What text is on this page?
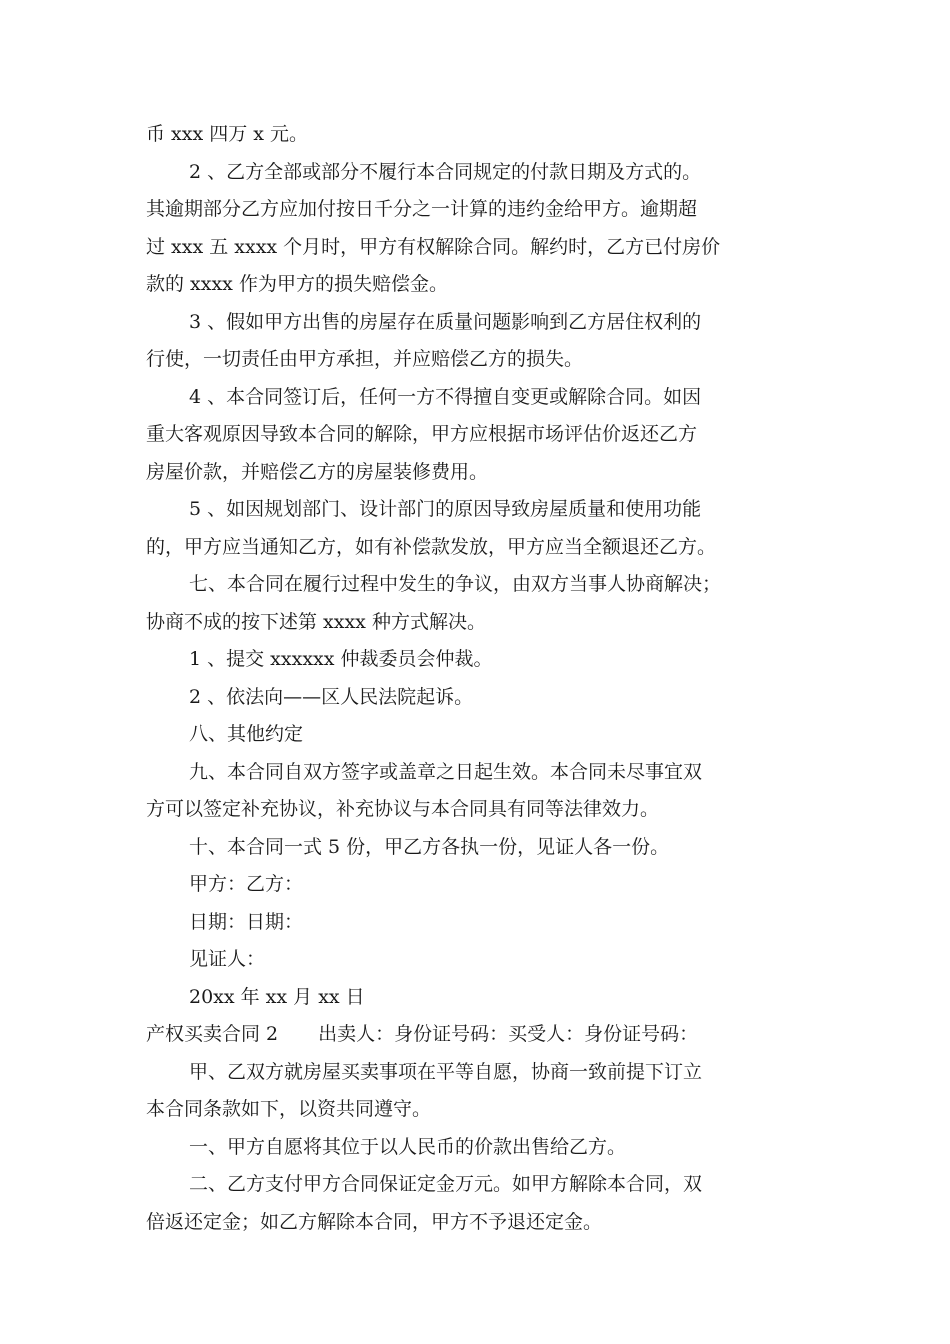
币 xxx 四万 x 元。
2 、乙方全部或部分不履行本合同规定的付款日期及方式的。
其逾期部分乙方应加付按日千分之一计算的违约金给甲方。逾期超
过 xxx 五 xxxx 个月时，甲方有权解除合同。解约时，乙方已付房价
款的 xxxx 作为甲方的损失赔偿金。
3 、假如甲方出售的房屋存在质量问题影响到乙方居住权利的
行使，一切责任由甲方承担，并应赔偿乙方的损失。
4 、本合同签订后，任何一方不得擅自变更或解除合同。如因
重大客观原因导致本合同的解除，甲方应根据市场评估价返还乙方
房屋价款，并赔偿乙方的房屋装修费用。
5 、如因规划部门、设计部门的原因导致房屋质量和使用功能
的，甲方应当通知乙方，如有补偿款发放，甲方应当全额退还乙方。
七、本合同在履行过程中发生的争议，由双方当事人协商解决；
协商不成的按下述第 xxxx 种方式解决。
1 、提交 xxxxxx 仲裁委员会仲裁。
2 、依法向——区人民法院起诉。
八、其他约定
九、本合同自双方签字或盖章之日起生效。本合同未尽事宜双
方可以签定补充协议，补充协议与本合同具有同等法律效力。
十、本合同一式 5 份，甲乙方各执一份，见证人各一份。
甲方：乙方：
日期：日期：
见证人：
20xx 年 xx 月 xx 日
产权买卖合同 2 出卖人：身份证号码：买受人：身份证号码：
甲、乙双方就房屋买卖事项在平等自愿，协商一致前提下订立
本合同条款如下，以资共同遵守。
一、甲方自愿将其位于以人民币的价款出售给乙方。
二、乙方支付甲方合同保证定金万元。如甲方解除本合同，双
倍返还定金；如乙方解除本合同，甲方不予退还定金。
